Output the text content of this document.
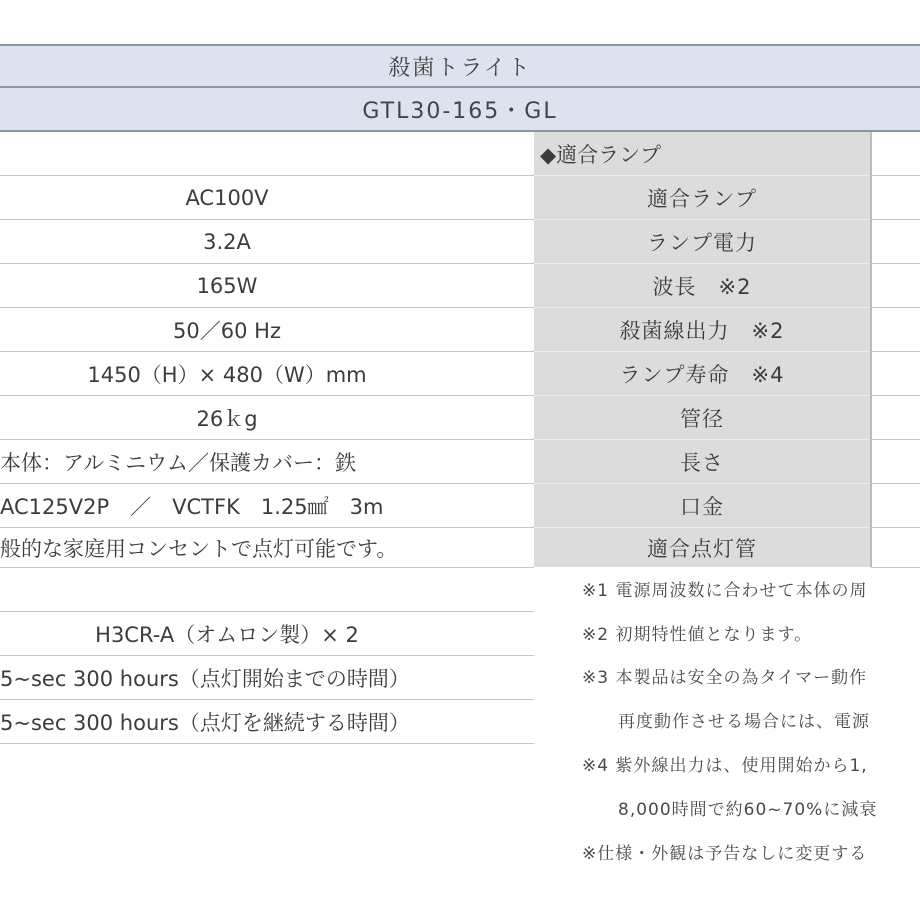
殺菌トライト
GTL30-165・GL
AC100V
3.2A
165W
50／60 Hz
1450（H）× 480（W）mm
26ｋg
本体：アルミニウム／保護カバー：鉄
AC125V2P　／　VCTFK　1.25㎟　3m
般的な家庭用コンセントで点灯可能です。
H3CR-A（オムロン製）× 2
5~sec 300 hours（点灯開始までの時間）
5~sec 300 hours（点灯を継続する時間）
◆適合ランプ
適合ランプ
ランプ電力
波長　※2
殺菌線出力　※2
ランプ寿命　※4
管径
長さ
口金
適合点灯管
※1 電源周波数に合わせて本体の周
※2 初期特性値となります。
※3 本製品は安全の為タイマー動作
　　再度動作させる場合には、電源
※4 紫外線出力は、使用開始から1,
　　8,000時間で約60~70%に減衰
※仕様・外観は予告なしに変更する
